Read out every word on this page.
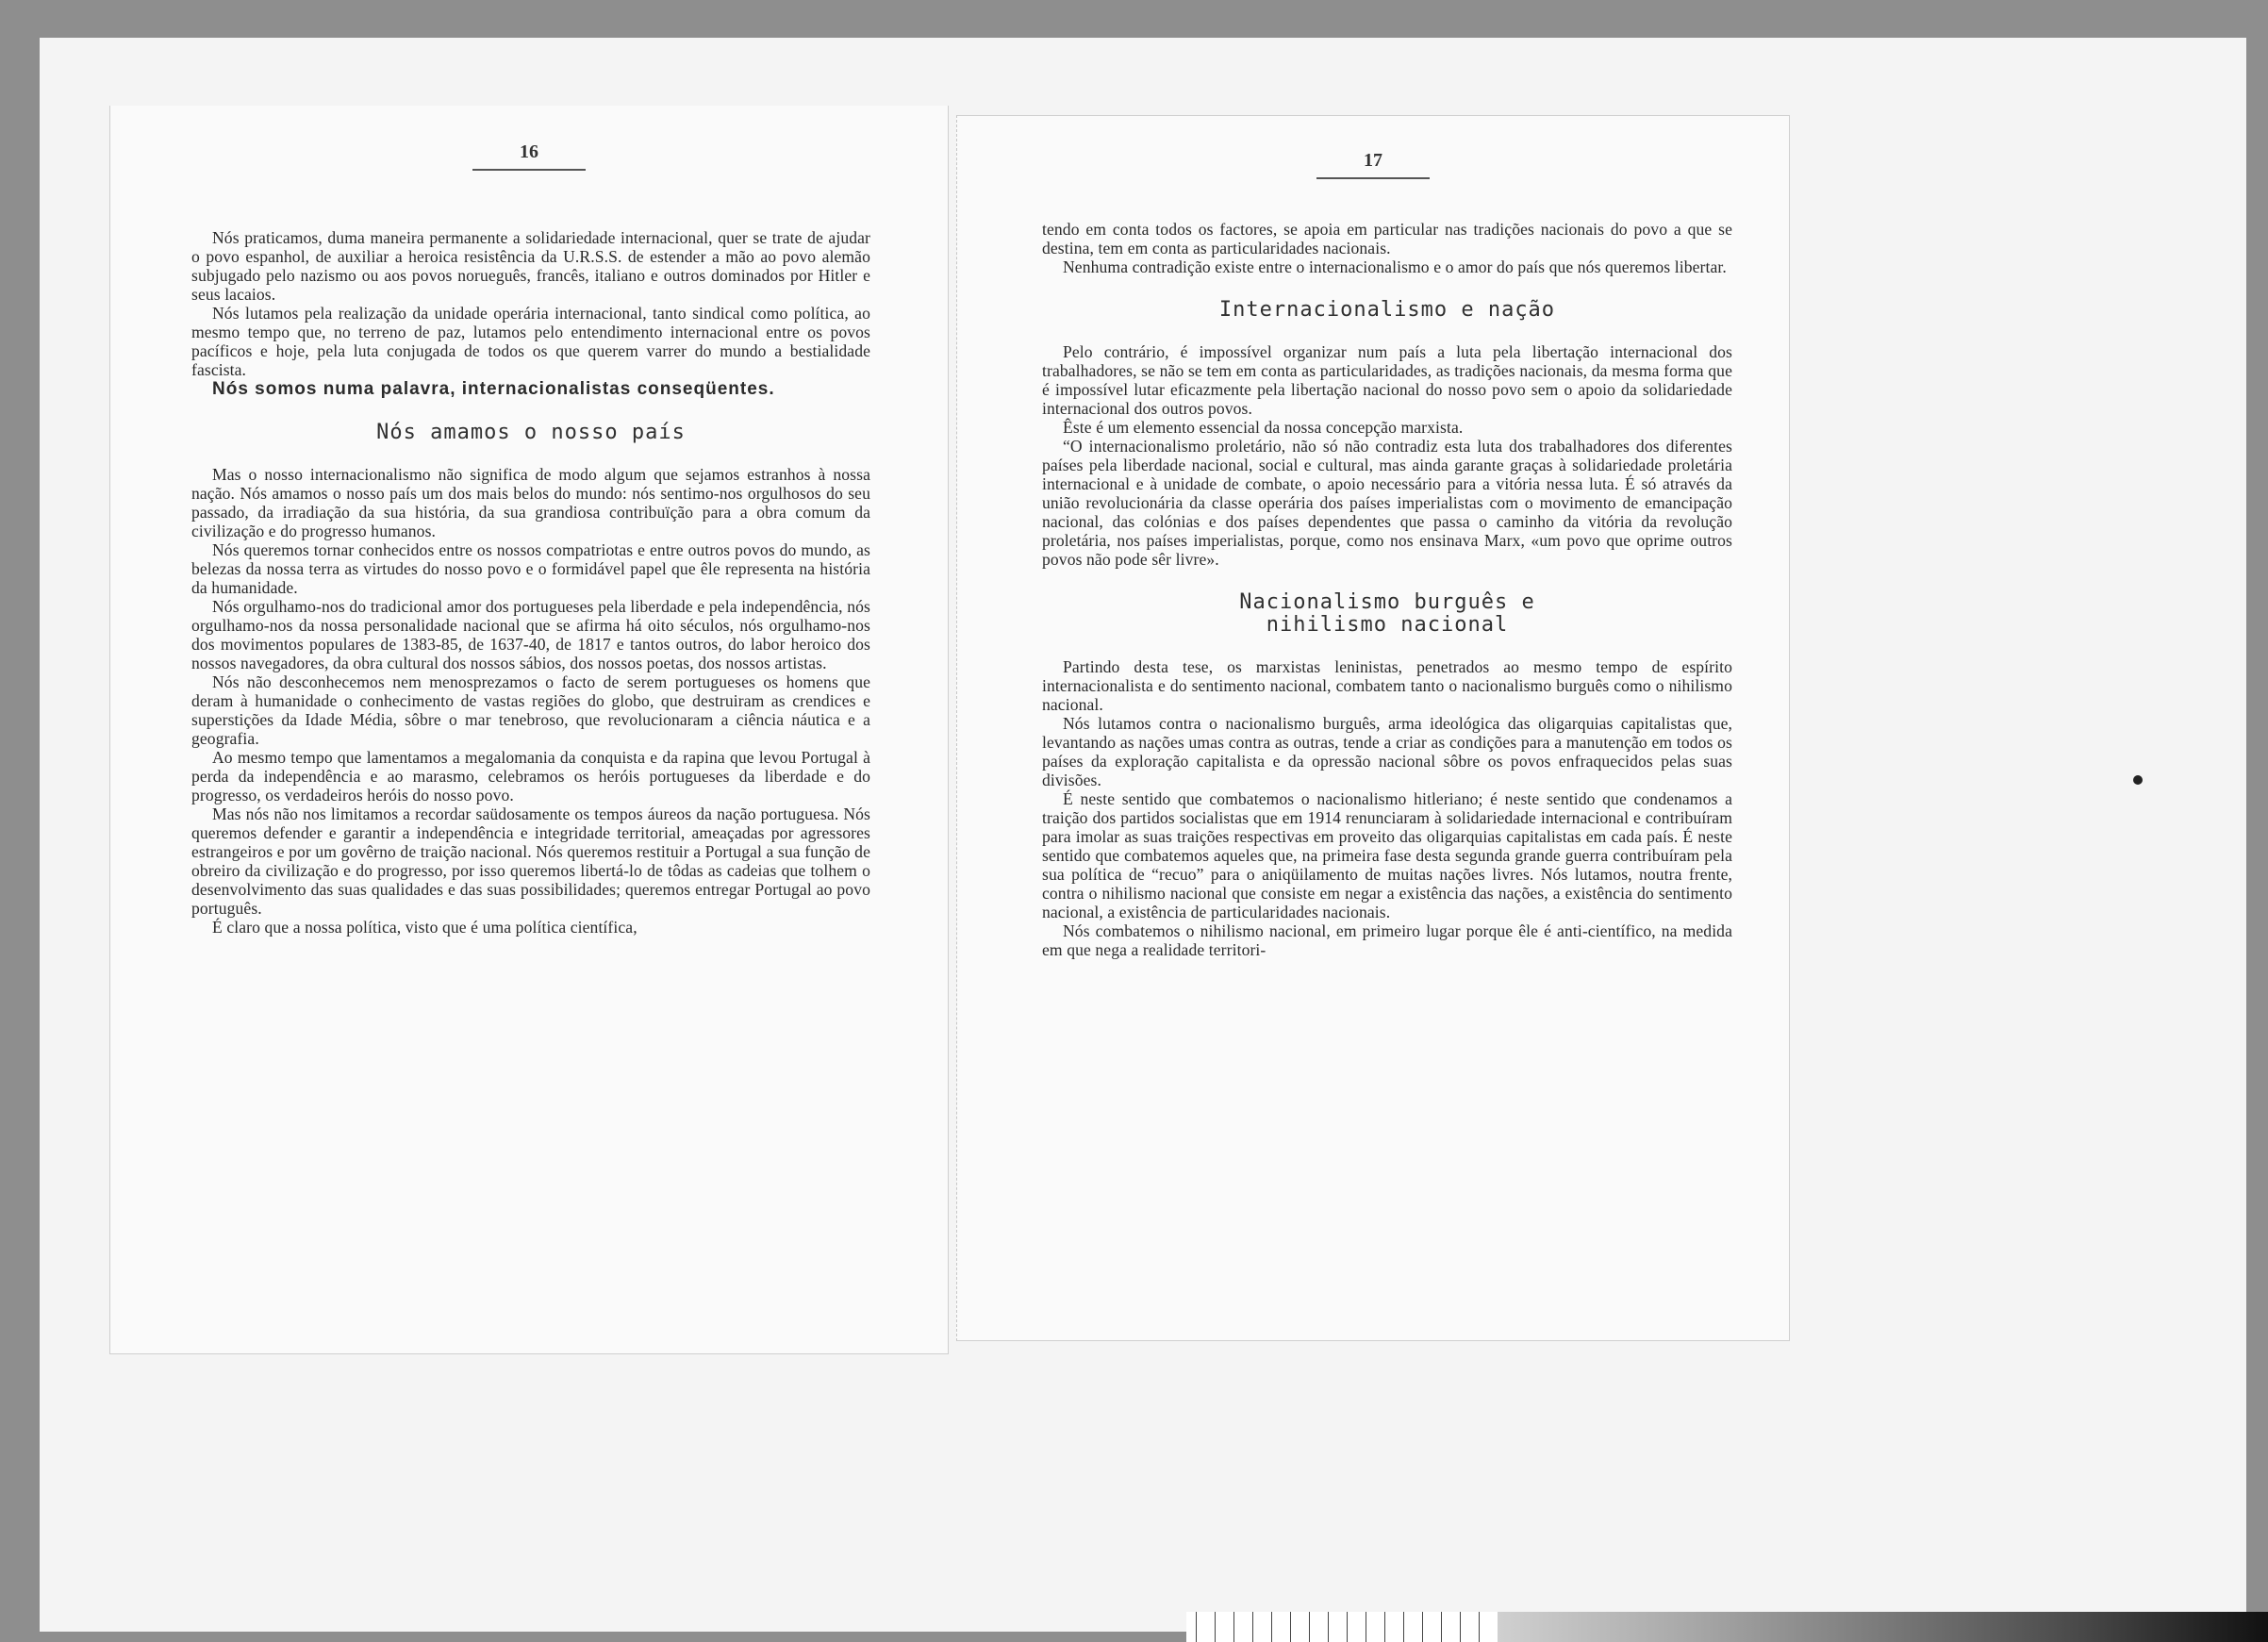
16

Nós praticamos, duma maneira permanente a solidariedade internacional, quer se trate de ajudar o povo espanhol, de auxiliar a heroica resistência da U.R.S.S. de estender a mão ao povo alemão subjugado pelo nazismo ou aos povos norueguês, francês, italiano e outros dominados por Hitler e seus lacaios.

Nós lutamos pela realização da unidade operária internacional, tanto sindical como política, ao mesmo tempo que, no terreno de paz, lutamos pelo entendimento internacional entre os povos pacíficos e hoje, pela luta conjugada de todos os que querem varrer do mundo a bestialidade fascista.

Nós somos numa palavra, internacionalistas conseqüentes.

Nós amamos o nosso país

Mas o nosso internacionalismo não significa de modo algum que sejamos estranhos à nossa nação. Nós amamos o nosso país um dos mais belos do mundo: nós sentimo-nos orgulhosos do seu passado, da irradiação da sua história, da sua grandiosa contribuïção para a obra comum da civilização e do progresso humanos.

Nós queremos tornar conhecidos entre os nossos compatriotas e entre outros povos do mundo, as belezas da nossa terra as virtudes do nosso povo e o formidável papel que êle representa na história da humanidade.

Nós orgulhamo-nos do tradicional amor dos portugueses pela liberdade e pela independência, nós orgulhamo-nos da nossa personalidade nacional que se afirma há oito séculos, nós orgulhamo-nos dos movimentos populares de 1383-85, de 1637-40, de 1817 e tantos outros, do labor heroico dos nossos navegadores, da obra cultural dos nossos sábios, dos nossos poetas, dos nossos artistas.

Nós não desconhecemos nem menosprezamos o facto de serem portugueses os homens que deram à humanidade o conhecimento de vastas regiões do globo, que destruiram as crendices e superstições da Idade Média, sôbre o mar tenebroso, que revolucionaram a ciência náutica e a geografia.

Ao mesmo tempo que lamentamos a megalomania da conquista e da rapina que levou Portugal à perda da independência e ao marasmo, celebramos os heróis portugueses da liberdade e do progresso, os verdadeiros heróis do nosso povo.

Mas nós não nos limitamos a recordar saüdosamente os tempos áureos da nação portuguesa. Nós queremos defender e garantir a independência e integridade territorial, ameaçadas por agressores estrangeiros e por um govêrno de traição nacional. Nós queremos restituir a Portugal a sua função de obreiro da civilização e do progresso, por isso queremos libertá-lo de tôdas as cadeias que tolhem o desenvolvimento das suas qualidades e das suas possibilidades; queremos entregar Portugal ao povo português.

É claro que a nossa política, visto que é uma política científica,

17

tendo em conta todos os factores, se apoia em particular nas tradições nacionais do povo a que se destina, tem em conta as particularidades nacionais.

Nenhuma contradição existe entre o internacionalismo e o amor do país que nós queremos libertar.

Internacionalismo e nação

Pelo contrário, é impossível organizar num país a luta pela libertação internacional dos trabalhadores, se não se tem em conta as particularidades, as tradições nacionais, da mesma forma que é impossível lutar eficazmente pela libertação nacional do nosso povo sem o apoio da solidariedade internacional dos outros povos.

Êste é um elemento essencial da nossa concepção marxista.

“O internacionalismo proletário, não só não contradiz esta luta dos trabalhadores dos diferentes países pela liberdade nacional, social e cultural, mas ainda garante graças à solidariedade proletária internacional e à unidade de combate, o apoio necessário para a vitória nessa luta. É só através da união revolucionária da classe operária dos países imperialistas com o movimento de emancipação nacional, das colónias e dos países dependentes que passa o caminho da vitória da revolução proletária, nos países imperialistas, porque, como nos ensinava Marx, «um povo que oprime outros povos não pode sêr livre».

Nacionalismo burguês e
nihilismo nacional

Partindo desta tese, os marxistas leninistas, penetrados ao mesmo tempo de espírito internacionalista e do sentimento nacional, combatem tanto o nacionalismo burguês como o nihilismo nacional.

Nós lutamos contra o nacionalismo burguês, arma ideológica das oligarquias capitalistas que, levantando as nações umas contra as outras, tende a criar as condições para a manutenção em todos os países da exploração capitalista e da opressão nacional sôbre os povos enfraquecidos pelas suas divisões.

É neste sentido que combatemos o nacionalismo hitleriano; é neste sentido que condenamos a traição dos partidos socialistas que em 1914 renunciaram à solidariedade internacional e contribuíram para imolar as suas traições respectivas em proveito das oligarquias capitalistas em cada país. É neste sentido que combatemos aqueles que, na primeira fase desta segunda grande guerra contribuíram pela sua política de “recuo” para o aniqüilamento de muitas nações livres. Nós lutamos, noutra frente, contra o nihilismo nacional que consiste em negar a existência das nações, a existência do sentimento nacional, a existência de particularidades nacionais.

Nós combatemos o nihilismo nacional, em primeiro lugar porque êle é anti-científico, na medida em que nega a realidade territori-
